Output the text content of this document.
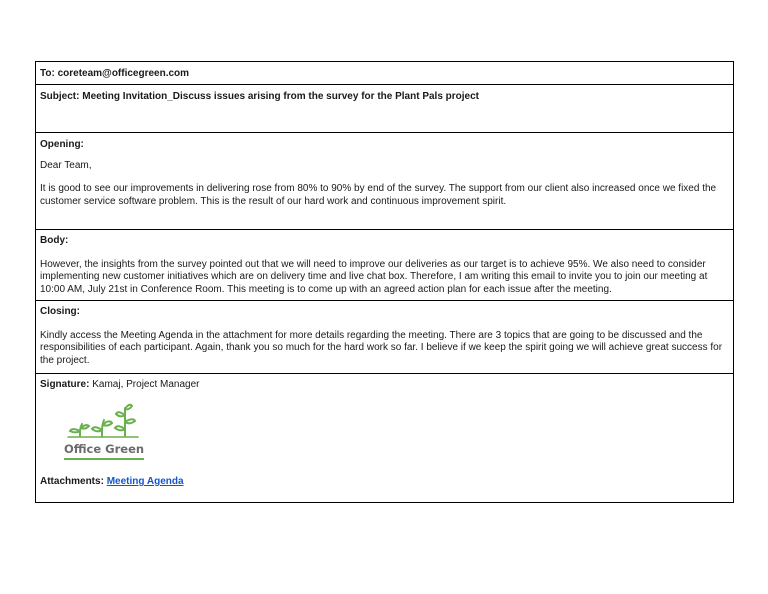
To: coreteam@officegreen.com
Subject: Meeting Invitation_Discuss issues arising from the survey for the Plant Pals project

Opening:

Dear Team,

It is good to see our improvements in delivering rose from 80% to 90% by end of the survey. The support from our client also increased once we fixed the customer service software problem. This is the result of our hard work and continuous improvement spirit.

Body:

However, the insights from the survey pointed out that we will need to improve our deliveries as our target is to achieve 95%. We also need to consider implementing new customer initiatives which are on delivery time and live chat box. Therefore, I am writing this email to invite you to join our meeting at 10:00 AM, July 21st in Conference Room. This meeting is to come up with an agreed action plan for each issue after the meeting.

Closing:

Kindly access the Meeting Agenda in the attachment for more details regarding the meeting. There are 3 topics that are going to be discussed and the responsibilities of each participant. Again, thank you so much for the hard work so far. I believe if we keep the spirit going we will achieve great success for the project.

Signature: Kamaj, Project Manager

Office Green

Attachments: Meeting Agenda
